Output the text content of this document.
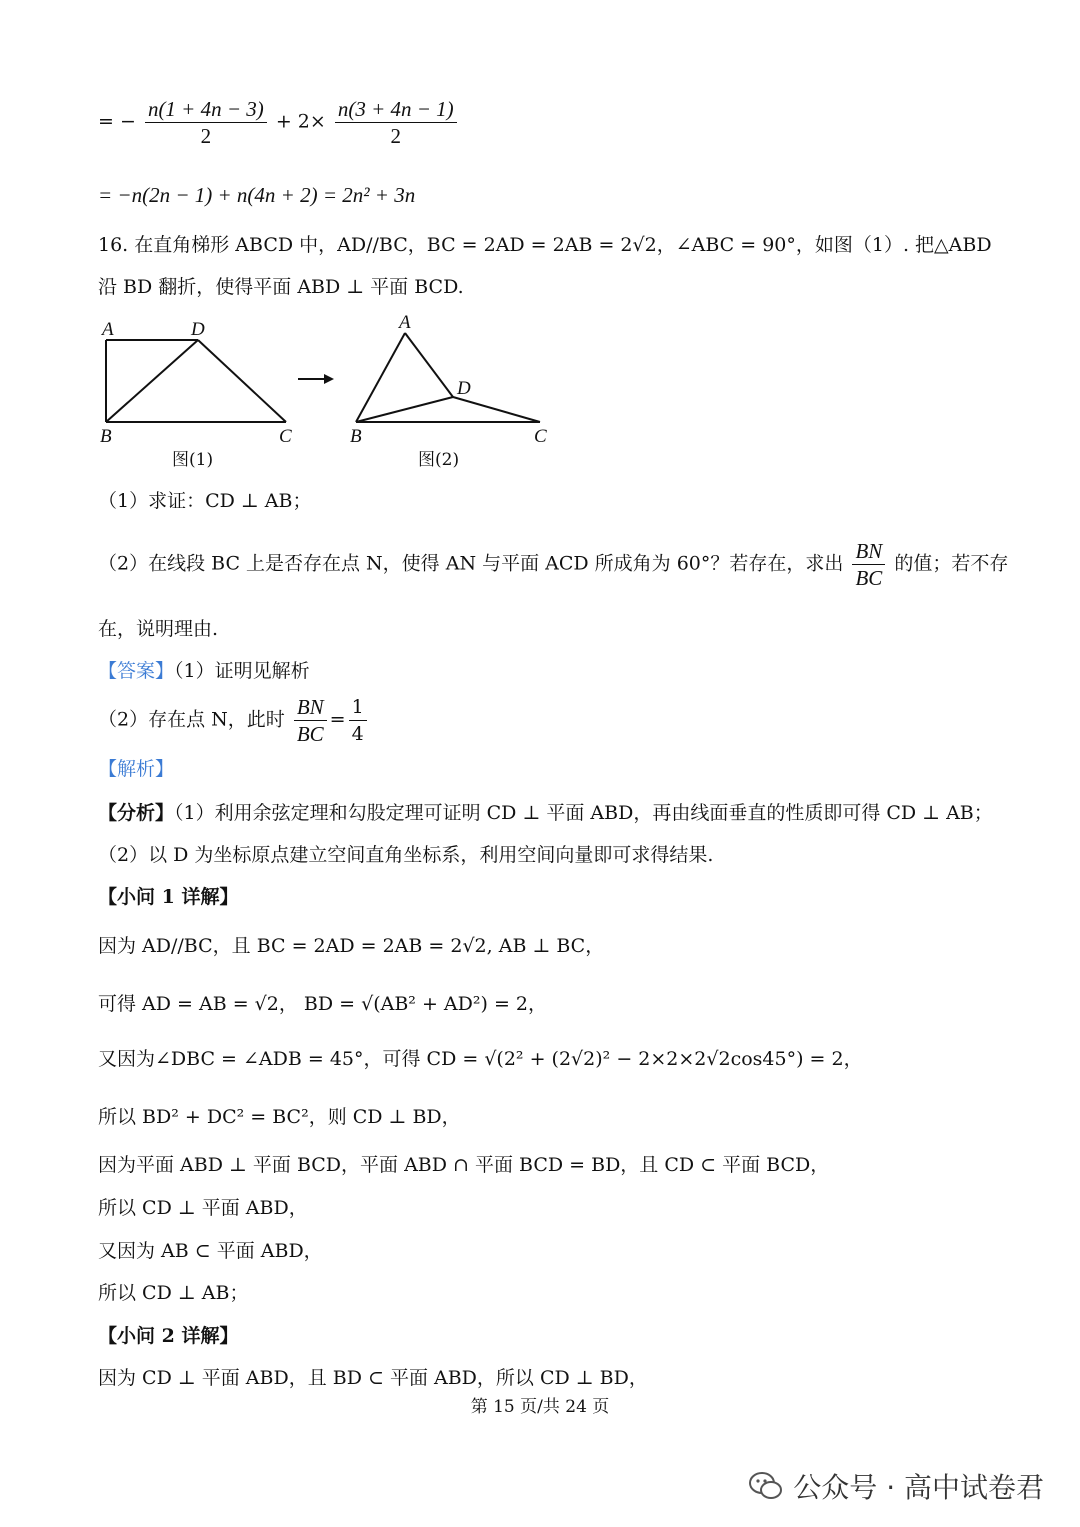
= − $\frac{n(1 + 4n - 3)}{2} + 2\times \frac{n(3 + 4n - 1)}{2}$
= −n(2n − 1) + n(4n + 2) = 2n² + 3n
16. 在直角梯形 ABCD 中，AD//BC，BC = 2AD = 2AB = 2√2，∠ABC = 90°，如图（1）. 把△ABD
沿 BD 翻折，使得平面 ABD ⊥ 平面 BCD.
A	D
B	C
图(1)
A
D
B	C
图(2)
（1）求证：CD ⊥ AB；
（2）在线段 BC 上是否存在点 N，使得 AN 与平面 ACD 所成角为 60°？若存在，求出 $\frac{BN}{BC}$ 的值；若不存
在，说明理由.
【答案】（1）证明见解析
（2）存在点 N，此时 $\frac{BN}{BC} = \frac{1}{4}$
【解析】
【分析】（1）利用余弦定理和勾股定理可证明 CD ⊥ 平面 ABD，再由线面垂直的性质即可得 CD ⊥ AB；
（2）以 D 为坐标原点建立空间直角坐标系，利用空间向量即可求得结果.
【小问 1 详解】
因为 AD//BC，且 BC = 2AD = 2AB = 2√2, AB ⊥ BC，
可得 AD = AB = √2， BD = √(AB² + AD²) = 2，
又因为∠DBC = ∠ADB = 45°，可得 CD = √(2² + (2√2)² − 2×2×2√2cos45°) = 2，
所以 BD² + DC² = BC²，则 CD ⊥ BD，
因为平面 ABD ⊥ 平面 BCD，平面 ABD ∩ 平面 BCD = BD，且 CD ⊂ 平面 BCD，
所以 CD ⊥ 平面 ABD，
又因为 AB ⊂ 平面 ABD，
所以 CD ⊥ AB；
【小问 2 详解】
因为 CD ⊥ 平面 ABD，且 BD ⊂ 平面 ABD，所以 CD ⊥ BD，
第 15 页/共 24 页
公众号 · 高中试卷君
